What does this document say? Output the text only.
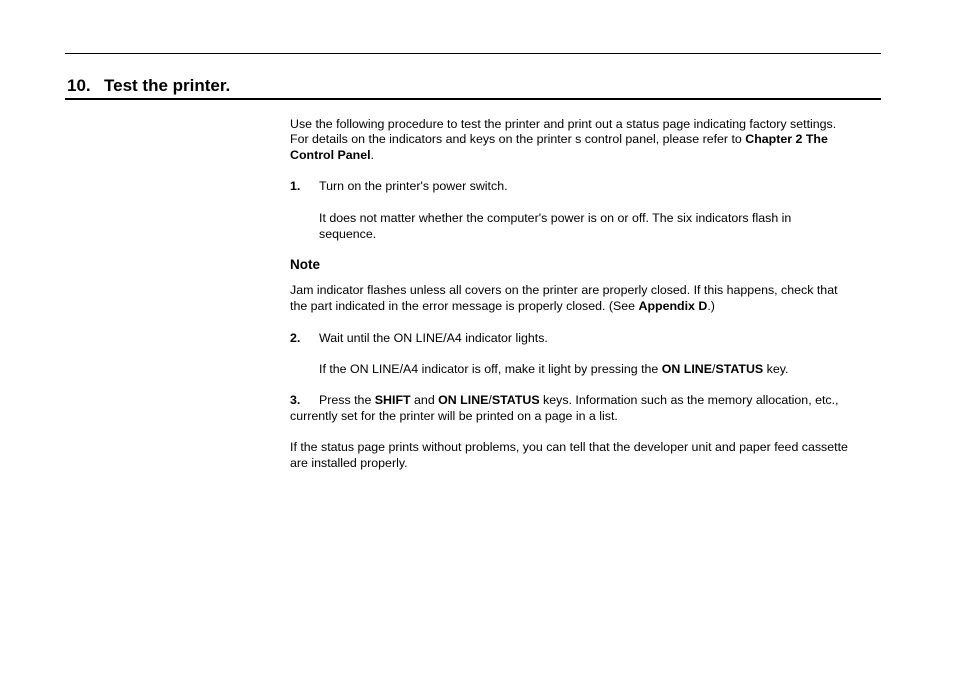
10. Test the printer.
Use the following procedure to test the printer and print out a status page indicating factory settings.
For details on the indicators and keys on the printer s control panel, please refer to Chapter 2 The
Control Panel.
1. Turn on the printer's power switch.
It does not matter whether the computer's power is on or off. The six indicators flash in
sequence.
Note
Jam indicator flashes unless all covers on the printer are properly closed. If this happens, check that
the part indicated in the error message is properly closed. (See Appendix D.)
2. Wait until the ON LINE/A4 indicator lights.
If the ON LINE/A4 indicator is off, make it light by pressing the ON LINE/STATUS key.
3. Press the SHIFT and ON LINE/STATUS keys. Information such as the memory allocation, etc.,
currently set for the printer will be printed on a page in a list.
If the status page prints without problems, you can tell that the developer unit and paper feed cassette
are installed properly.
